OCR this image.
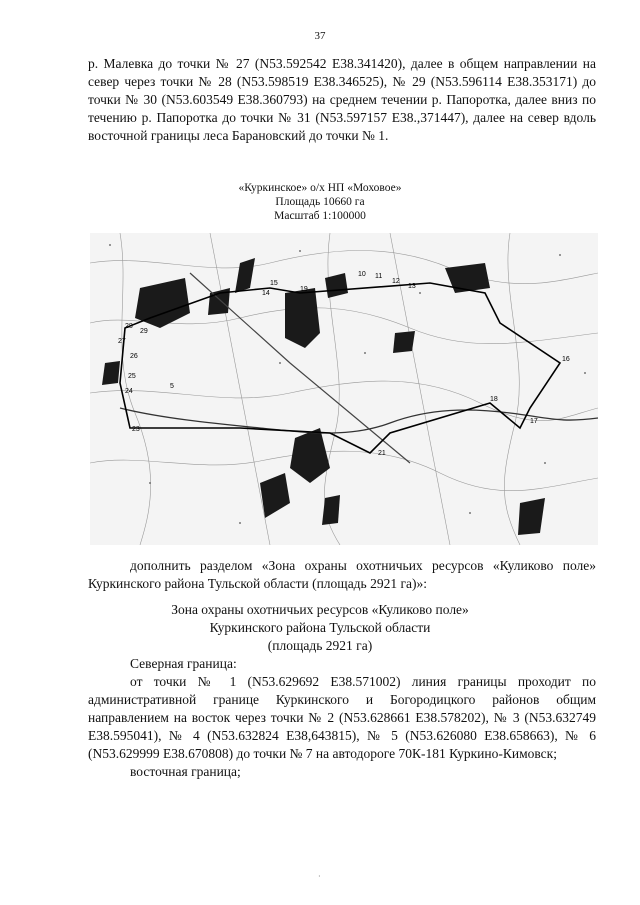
37

р. Малевка до точки № 27 (N53.592542 E38.341420), далее в общем направлении на север через точки № 28 (N53.598519 E38.346525), № 29 (N53.596114 E38.353171) до точки № 30 (N53.603549 E38.360793) на среднем течении р. Папоротка, далее вниз по течению р. Папоротка до точки № 31 (N53.597157 E38.,371447), далее на север вдоль восточной границы леса Барановский до точки № 1.

«Куркинское» о/х НП «Моховое»
Площадь 10660 га
Масштаб 1:100000
10 11
12
13
14
15
16
17
18
19
21
23
24
25
26
27
28
29
5

дополнить разделом «Зона охраны охотничьих ресурсов «Куликово поле» Куркинского района Тульской области (площадь 2921 га)»:

Зона охраны охотничьих ресурсов «Куликово поле»
Куркинского района Тульской области
(площадь 2921 га)

Северная граница:

от точки № 1 (N53.629692 E38.571002) линия границы проходит по административной границе Куркинского и Богородицкого районов общим направлением на восток через точки № 2 (N53.628661 E38.578202), № 3 (N53.632749 E38.595041), № 4 (N53.632824 E38,643815), № 5 (N53.626080 E38.658663), № 6 (N53.629999 E38.670808) до точки № 7 на автодороге 70К-181 Куркино-Кимовск;

восточная граница;

·
